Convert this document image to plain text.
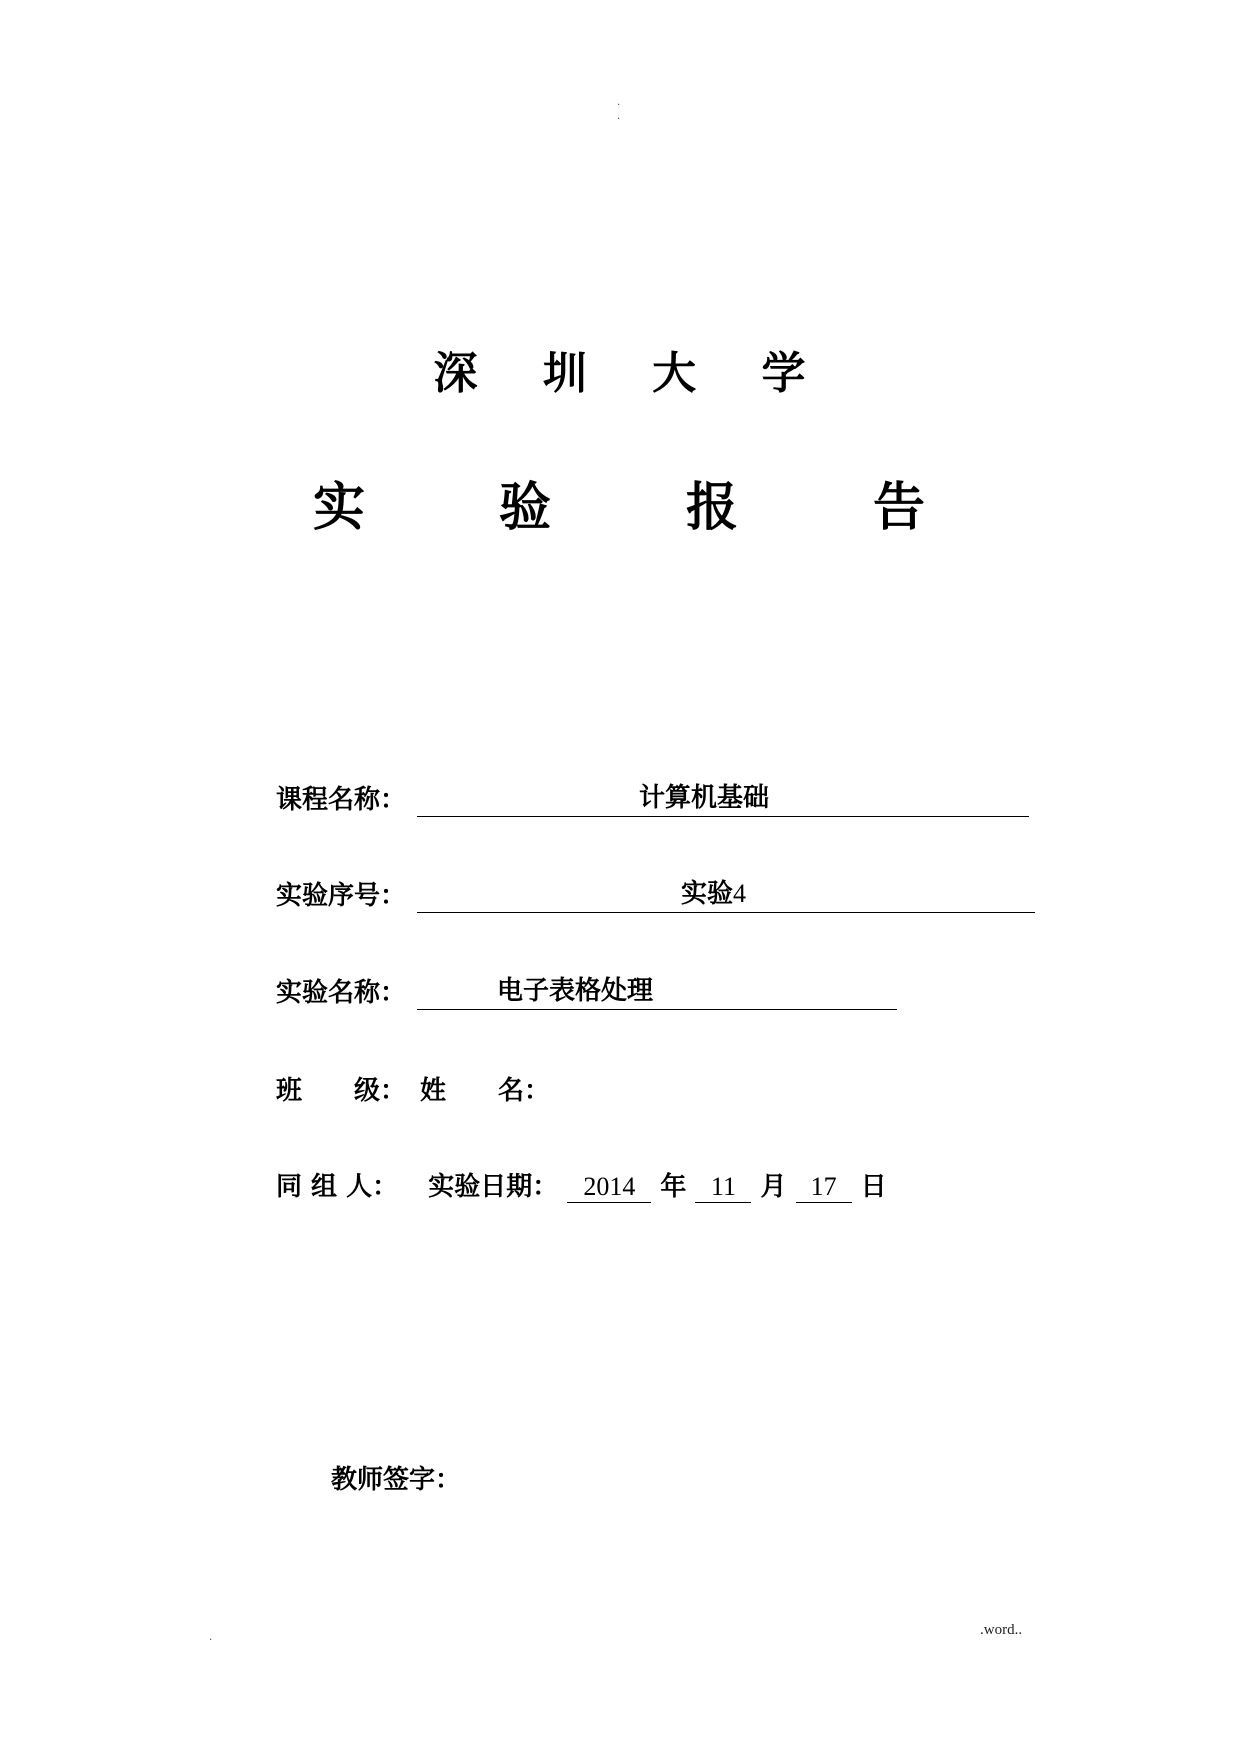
.
.
深 圳 大 学
实	验	报	告
课程名称：	计算机基础
实验序号：	实验4
实验名称：	电子表格处理
班　　级： 姓　　名：
同 组 人： 实验日期： 2014 年 11 月 17 日
教师签字：
.	.word..
